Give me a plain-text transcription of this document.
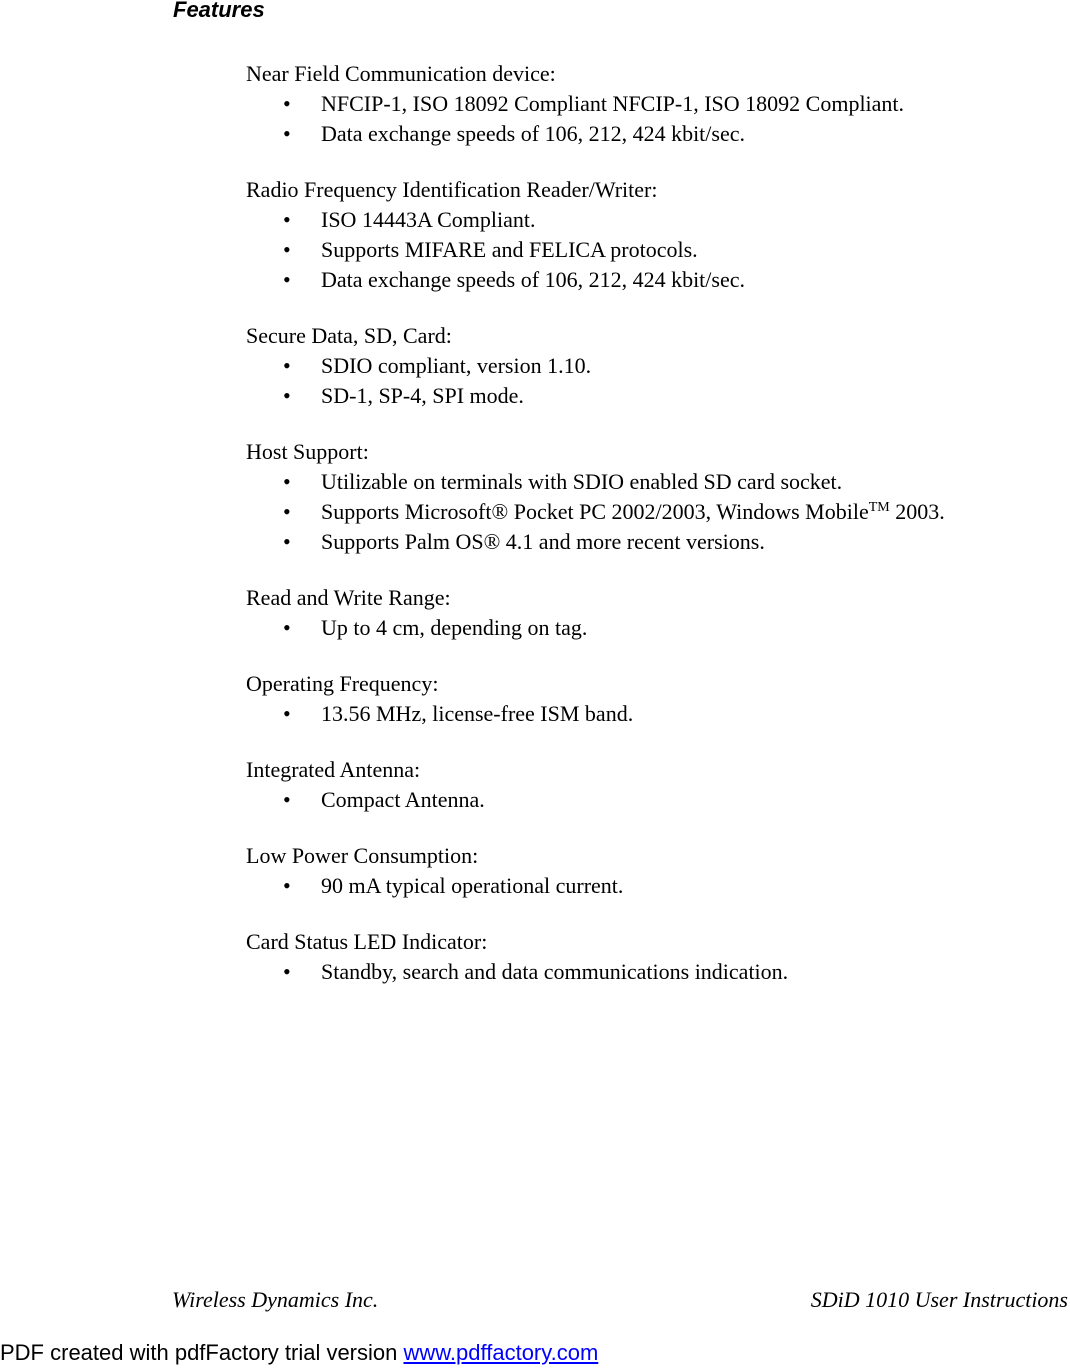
Features
Near Field Communication device:
• NFCIP-1, ISO 18092 Compliant NFCIP-1, ISO 18092 Compliant.
• Data exchange speeds of 106, 212, 424 kbit/sec.
Radio Frequency Identification Reader/Writer:
• ISO 14443A Compliant.
• Supports MIFARE and FELICA protocols.
• Data exchange speeds of 106, 212, 424 kbit/sec.
Secure Data, SD, Card:
• SDIO compliant, version 1.10.
• SD-1, SP-4, SPI mode.
Host Support:
• Utilizable on terminals with SDIO enabled SD card socket.
• Supports Microsoft® Pocket PC 2002/2003, Windows Mobile™ 2003.
• Supports Palm OS® 4.1 and more recent versions.
Read and Write Range:
• Up to 4 cm, depending on tag.
Operating Frequency:
• 13.56 MHz, license-free ISM band.
Integrated Antenna:
• Compact Antenna.
Low Power Consumption:
• 90 mA typical operational current.
Card Status LED Indicator:
• Standby, search and data communications indication.
Wireless Dynamics Inc.	SDiD 1010 User Instructions
PDF created with pdfFactory trial version www.pdffactory.com
